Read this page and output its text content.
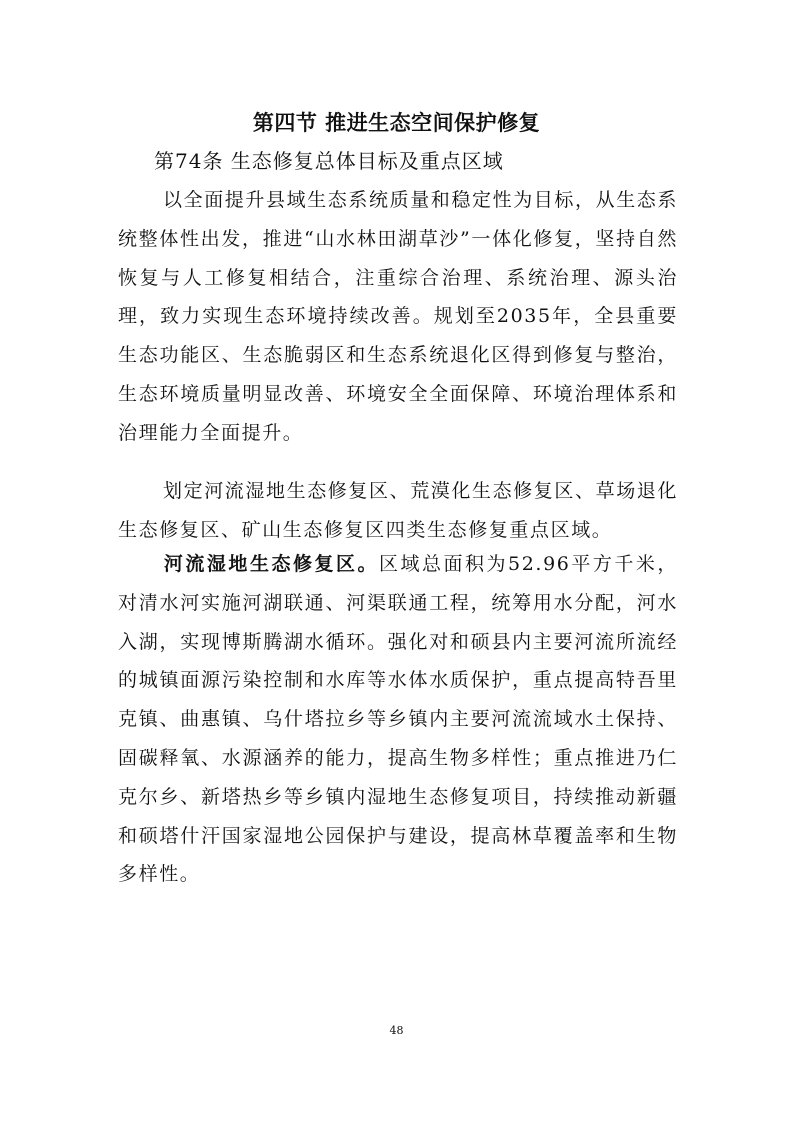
第四节 推进生态空间保护修复
第74条 生态修复总体目标及重点区域
以全面提升县域生态系统质量和稳定性为目标，从生态系统整体性出发，推进“山水林田湖草沙”一体化修复，坚持自然恢复与人工修复相结合，注重综合治理、系统治理、源头治理，致力实现生态环境持续改善。规划至2035年，全县重要生态功能区、生态脆弱区和生态系统退化区得到修复与整治，生态环境质量明显改善、环境安全全面保障、环境治理体系和治理能力全面提升。
划定河流湿地生态修复区、荒漠化生态修复区、草场退化生态修复区、矿山生态修复区四类生态修复重点区域。
河流湿地生态修复区。区域总面积为52.96平方千米，对清水河实施河湖联通、河渠联通工程，统筹用水分配，河水入湖，实现博斯腾湖水循环。强化对和硕县内主要河流所流经的城镇面源污染控制和水库等水体水质保护，重点提高特吾里克镇、曲惠镇、乌什塔拉乡等乡镇内主要河流流域水土保持、固碳释氧、水源涵养的能力，提高生物多样性；重点推进乃仁克尔乡、新塔热乡等乡镇内湿地生态修复项目，持续推动新疆和硕塔什汗国家湿地公园保护与建设，提高林草覆盖率和生物多样性。
48
